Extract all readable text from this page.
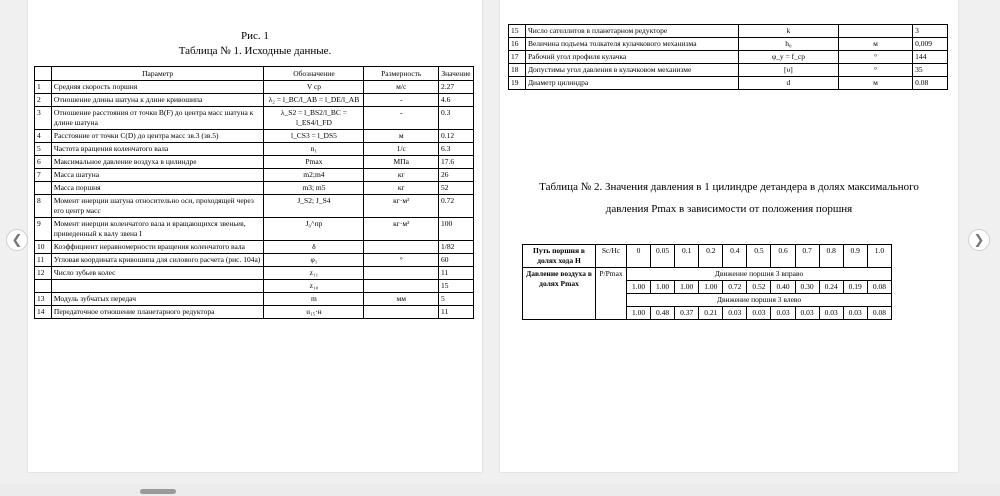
Рис. 1
Таблица № 1. Исходные данные.
	Параметр	Обозначение	Размерность	Значение
1	Средняя скорость поршня	V ср	м/с	2.27
2	Отношение длины шатуна к длине кривошипа	λ₂ = l_BC/l_AB = l_DE/l_AB	-	4.6
3	Отношение расстояния от точки B(F) до центра масс шатуна к длине шатуна	λ_S2 = l_BS2/l_BC = l_ES4/l_FD	-	0.3
4	Расстояние от точки C(D) до центра масс зв.3 (зв.5)	l_CS3 = l_DS5	м	0.12
5	Частота вращения коленчатого вала	n₁	1/с	6.3
6	Максимальное давление воздуха в цилиндре	Pmax	МПа	17.6
7	Масса шатуна	m2;m4	кг	26
	Масса поршня	m3; m5	кг	52
8	Момент инерции шатуна относительно оси, проходящей через его центр масс	J_S2; J_S4	кг·м²	0.72
9	Момент инерции коленчатого вала и вращающихся звеньев, приведенный к валу звена I	J₀^пр	кг·м²	100
10	Коэффициент неравномерности вращения коленчатого вала	δ		1/82
11	Угловая координата кривошипа для силового расчета (рис. 104а)	φ₁	°	60
12	Число зубьев колес	z₁₁		11
		z₁₀		15
13	Модуль зубчатых передач	m	мм	5
14	Передаточное отношение планетарного редуктора	u₁₅·н		11
15	Число сателлитов в планетарном редукторе	k		3
16	Величина подъема толкателя кулачкового механизма	h₀	м	0,009
17	Рабочий угол профиля кулачка	φ_у = f_ср	°	144
18	Допустимы угол давления в кулачковом механизме	[υ]	°	35
19	Диаметр цилиндра	d	м	0.08
Таблица № 2. Значения давления в 1 цилиндре детандера в долях максимального
давления Pmax в зависимости от положения поршня
Путь поршня в долях хода Н	Sc/Hc	0	0.05	0.1	0.2	0.4	0.5	0.6	0.7	0.8	0.9	1.0
Давление воздуха в долях Pmax	P/Pmax	Движение поршня 3 вправо										
		1.00	1.00	1.00	1.00	0.72	0.52	0.40	0.30	0.24	0.19	0.08
		Движение поршня 3 влево										
		1.00	0.48	0.37	0.21	0.03	0.03	0.03	0.03	0.03	0.03	0.08
❮	❯
